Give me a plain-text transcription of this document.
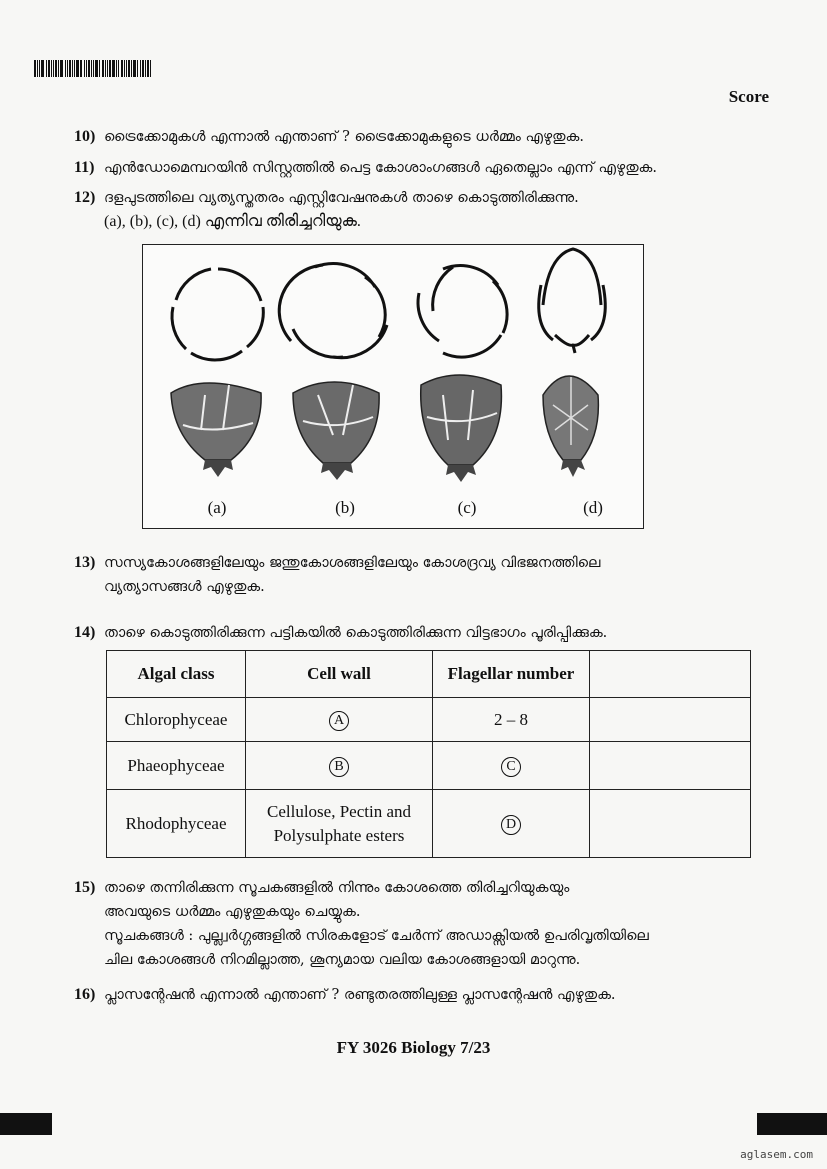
Score
10) ട്രൈക്കോമുകൾ എന്നാൽ എന്താണ് ? ട്രൈക്കോമുകളുടെ ധർമ്മം എഴുതുക.
11) എൻഡോമെമ്പറയിൻ സിസ്റ്റത്തിൽ പെട്ട കോശാംഗങ്ങൾ ഏതെല്ലാം എന്ന് എഴുതുക.
12) ദളപുടത്തിലെ വ്യത്യസ്തതരം എസ്റ്റിവേഷനുകൾ താഴെ കൊടുത്തിരിക്കുന്നു.
(a), (b), (c), (d) എന്നിവ തിരിച്ചറിയുക.
(a)	(b)	(c)	(d)
13) സസ്യകോശങ്ങളിലേയും ജന്തുകോശങ്ങളിലേയും കോശദ്രവ്യ വിഭജനത്തിലെ
വ്യത്യാസങ്ങൾ എഴുതുക.
14) താഴെ കൊടുത്തിരിക്കുന്ന പട്ടികയിൽ കൊടുത്തിരിക്കുന്ന വിട്ടഭാഗം പൂരിപ്പിക്കുക.
Algal class	Cell wall	Flagellar number	
Chlorophyceae	A	2 – 8	
Phaeophyceae	B	C	
Rhodophyceae	Cellulose, Pectin and
Polysulphate esters	D	
15) താഴെ തന്നിരിക്കുന്ന സൂചകങ്ങളിൽ നിന്നും കോശത്തെ തിരിച്ചറിയുകയും
അവയുടെ ധർമ്മം എഴുതുകയും ചെയ്യുക.
സൂചകങ്ങൾ : പുല്ല്വർഗ്ഗങ്ങളിൽ സിരകളോട് ചേർന്ന് അഡാക്സിയൽ ഉപരിവൃതിയിലെ
ചില കോശങ്ങൾ നിറമില്ലാത്ത, ശൂന്യമായ വലിയ കോശങ്ങളായി മാറുന്നു.
16) പ്ലാസന്റേഷൻ എന്നാൽ എന്താണ് ? രണ്ടുതരത്തിലുള്ള പ്ലാസന്റേഷൻ എഴുതുക.
FY 3026 Biology 7/23
aglasem.com
